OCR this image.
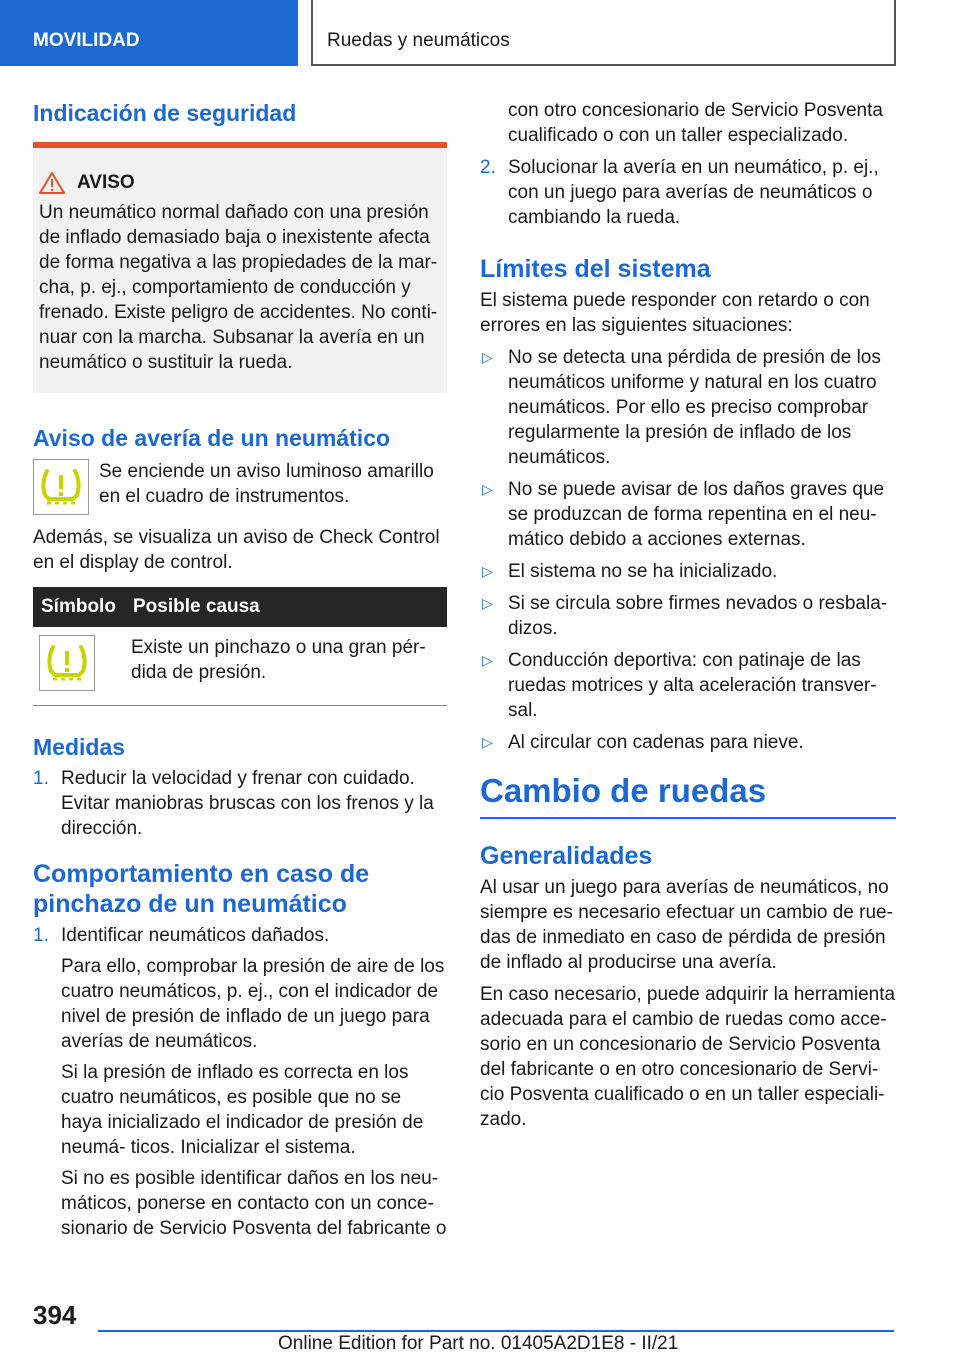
MOVILIDAD	Ruedas y neumáticos
Indicación de seguridad
AVISO

Un neumático normal dañado con una presión de inflado demasiado baja o inexistente afecta de forma negativa a las propiedades de la mar- cha, p. ej., comportamiento de conducción y frenado. Existe peligro de accidentes. No conti- nuar con la marcha. Subsanar la avería en un neumático o sustituir la rueda.

Aviso de avería de un neumático

Se enciende un aviso luminoso amarillo en el cuadro de instrumentos.

Además, se visualiza un aviso de Check Control en el display de control.

Símbolo	Posible causa

	Existe un pinchazo o una gran pér- dida de presión.
Medidas
1. Reducir la velocidad y frenar con cuidado. Evitar maniobras bruscas con los frenos y la dirección.
Comportamiento en caso de pinchazo de un neumático
1. Identificar neumáticos dañados.

Para ello, comprobar la presión de aire de los cuatro neumáticos, p. ej., con el indicador de nivel de presión de inflado de un juego para averías de neumáticos.

Si la presión de inflado es correcta en los cuatro neumáticos, es posible que no se haya inicializado el indicador de presión de neumá- ticos. Inicializar el sistema.

Si no es posible identificar daños en los neu- máticos, ponerse en contacto con un conce- sionario de Servicio Posventa del fabricante o

con otro concesionario de Servicio Posventa cualificado o con un taller especializado.

2. Solucionar la avería en un neumático, p. ej., con un juego para averías de neumáticos o cambiando la rueda.
Límites del sistema

El sistema puede responder con retardo o con errores en las siguientes situaciones:

▷ No se detecta una pérdida de presión de los neumáticos uniforme y natural en los cuatro neumáticos. Por ello es preciso comprobar regularmente la presión de inflado de los neumáticos.
▷ No se puede avisar de los daños graves que se produzcan de forma repentina en el neu- mático debido a acciones externas.
▷ El sistema no se ha inicializado.
▷ Si se circula sobre firmes nevados o resbala- dizos.
▷ Conducción deportiva: con patinaje de las ruedas motrices y alta aceleración transver- sal.
▷ Al circular con cadenas para nieve.
Cambio de ruedas
Generalidades

Al usar un juego para averías de neumáticos, no siempre es necesario efectuar un cambio de rue- das de inmediato en caso de pérdida de presión de inflado al producirse una avería.

En caso necesario, puede adquirir la herramienta adecuada para el cambio de ruedas como acce- sorio en un concesionario de Servicio Posventa del fabricante o en otro concesionario de Servi- cio Posventa cualificado o en un taller especiali- zado.

394
Online Edition for Part no. 01405A2D1E8 - II/21
